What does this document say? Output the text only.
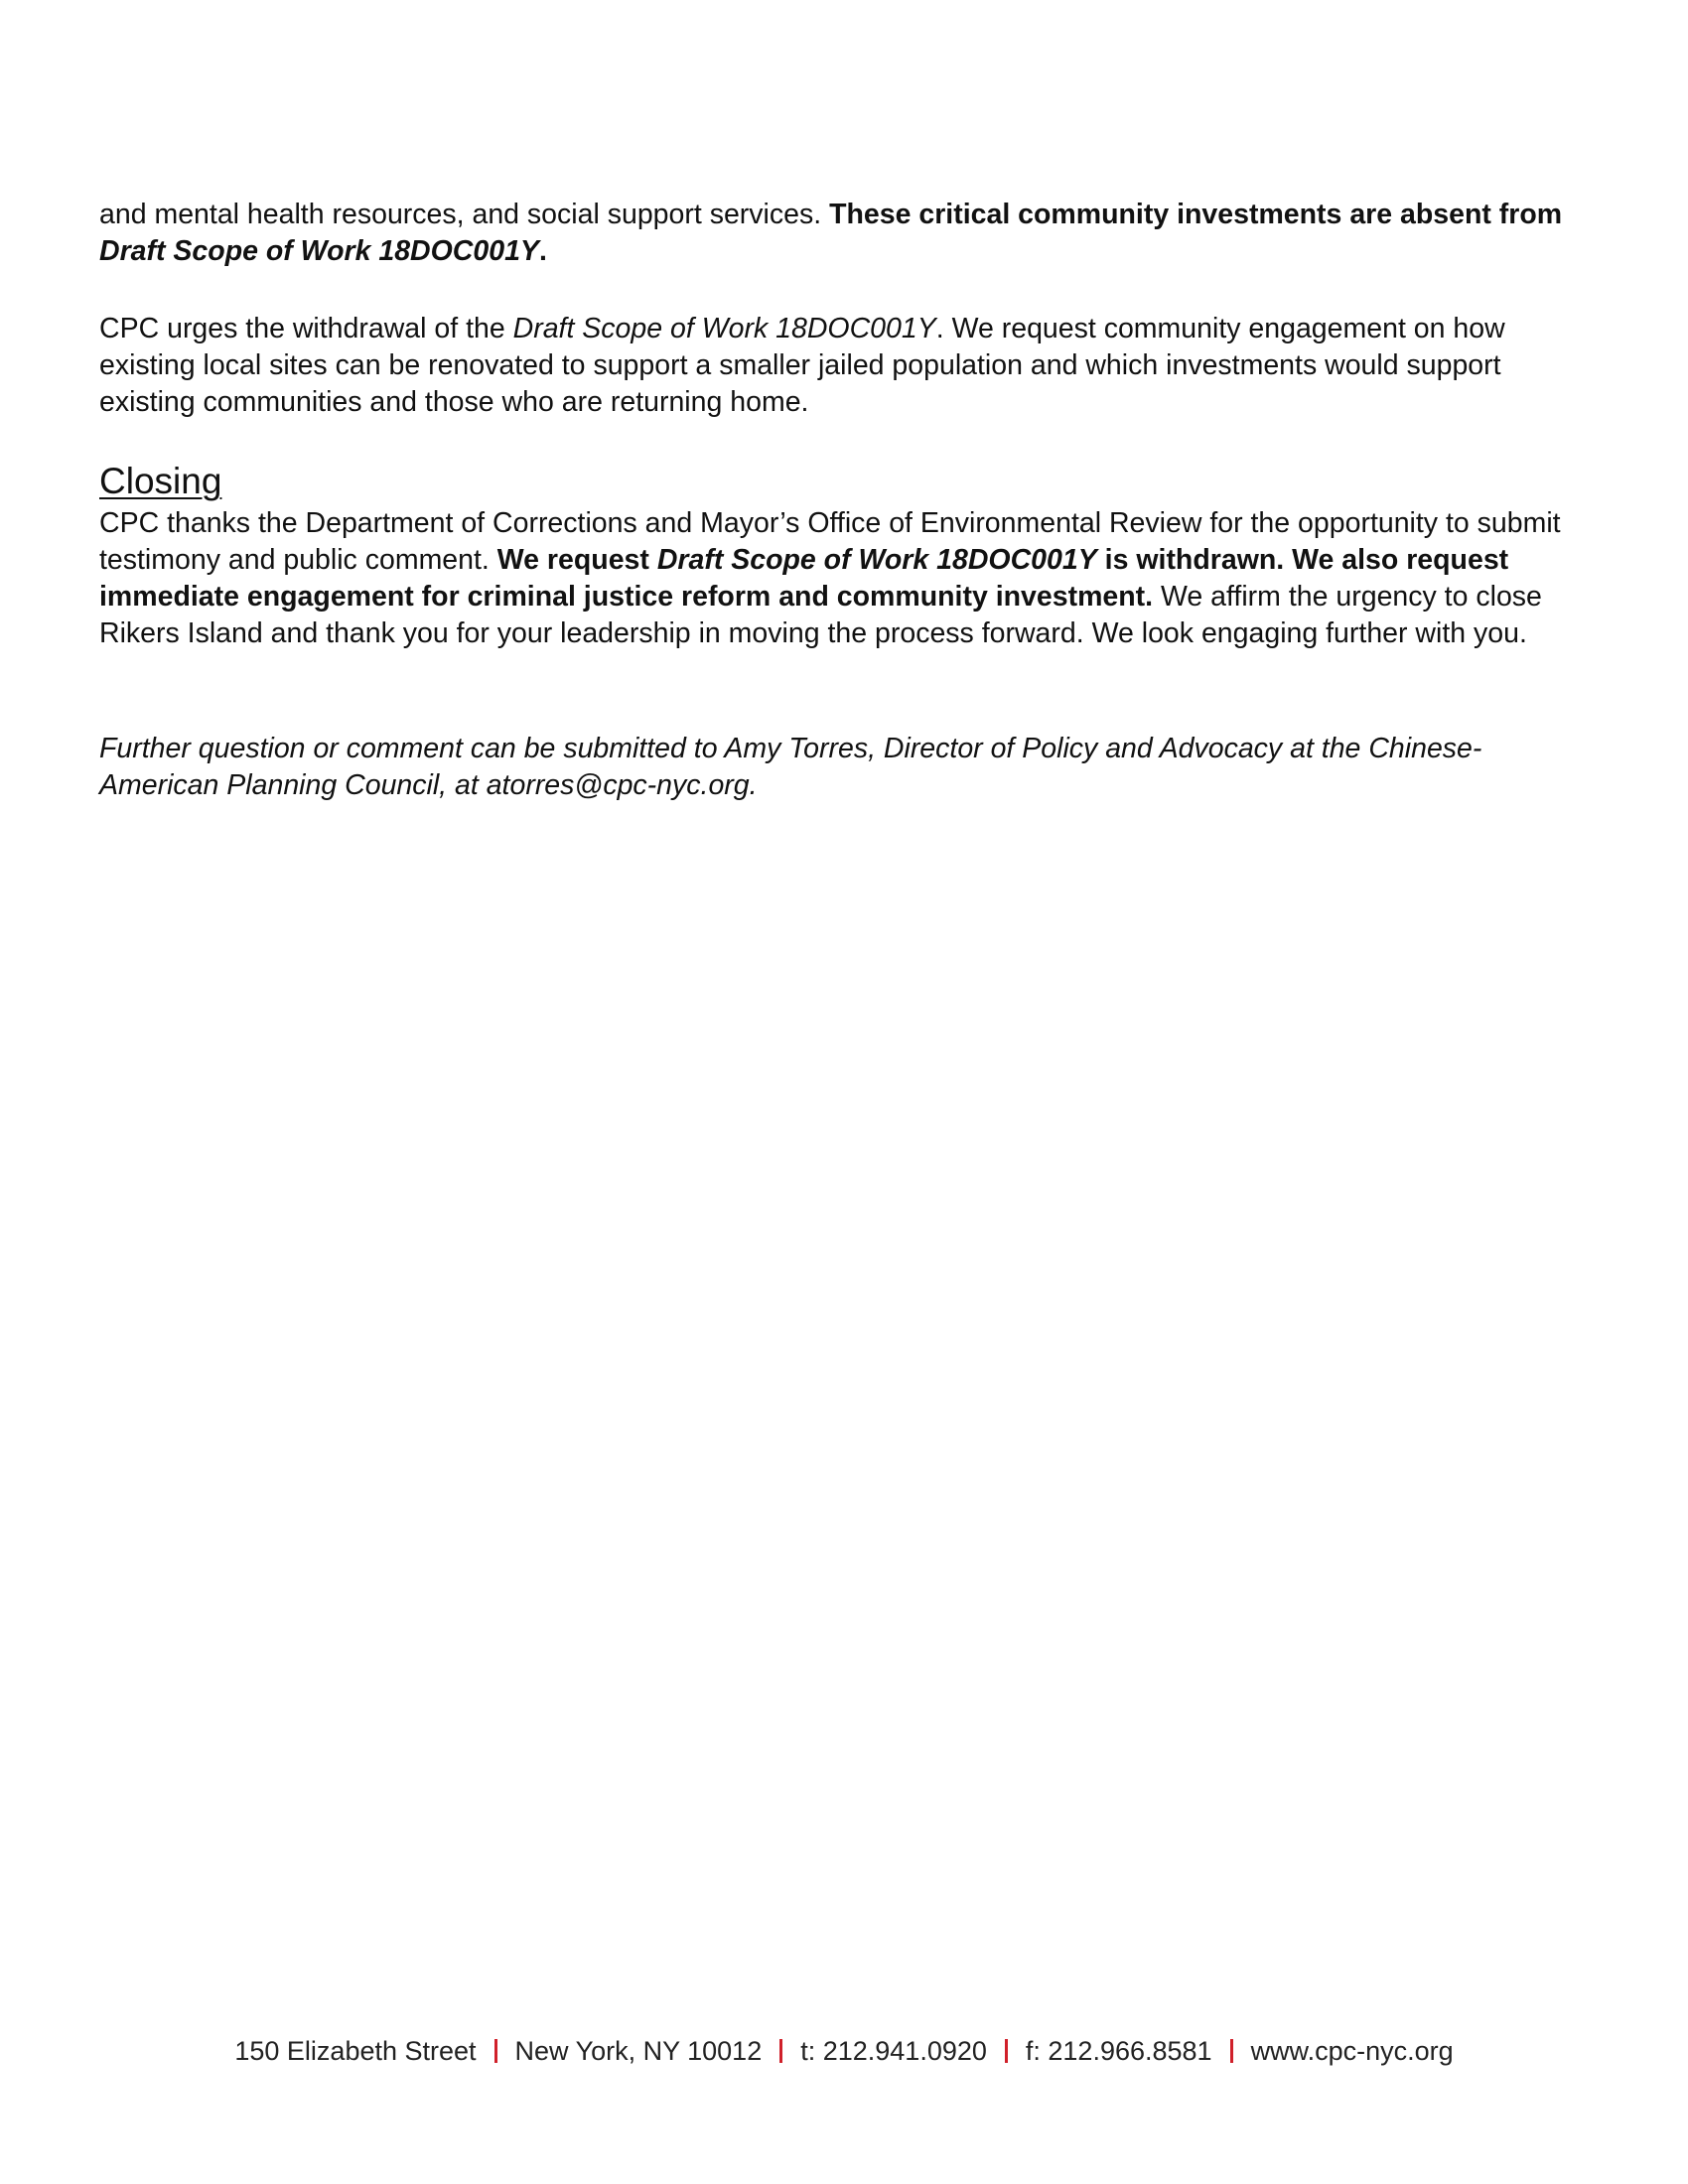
and mental health resources, and social support services. These critical community investments are absent from Draft Scope of Work 18DOC001Y.
CPC urges the withdrawal of the Draft Scope of Work 18DOC001Y. We request community engagement on how existing local sites can be renovated to support a smaller jailed population and which investments would support existing communities and those who are returning home.
Closing
CPC thanks the Department of Corrections and Mayor’s Office of Environmental Review for the opportunity to submit testimony and public comment. We request Draft Scope of Work 18DOC001Y is withdrawn. We also request immediate engagement for criminal justice reform and community investment. We affirm the urgency to close Rikers Island and thank you for your leadership in moving the process forward. We look engaging further with you.
Further question or comment can be submitted to Amy Torres, Director of Policy and Advocacy at the Chinese-American Planning Council, at atorres@cpc-nyc.org.
150 Elizabeth Street New York, NY 10012 t: 212.941.0920 f: 212.966.8581 www.cpc-nyc.org
